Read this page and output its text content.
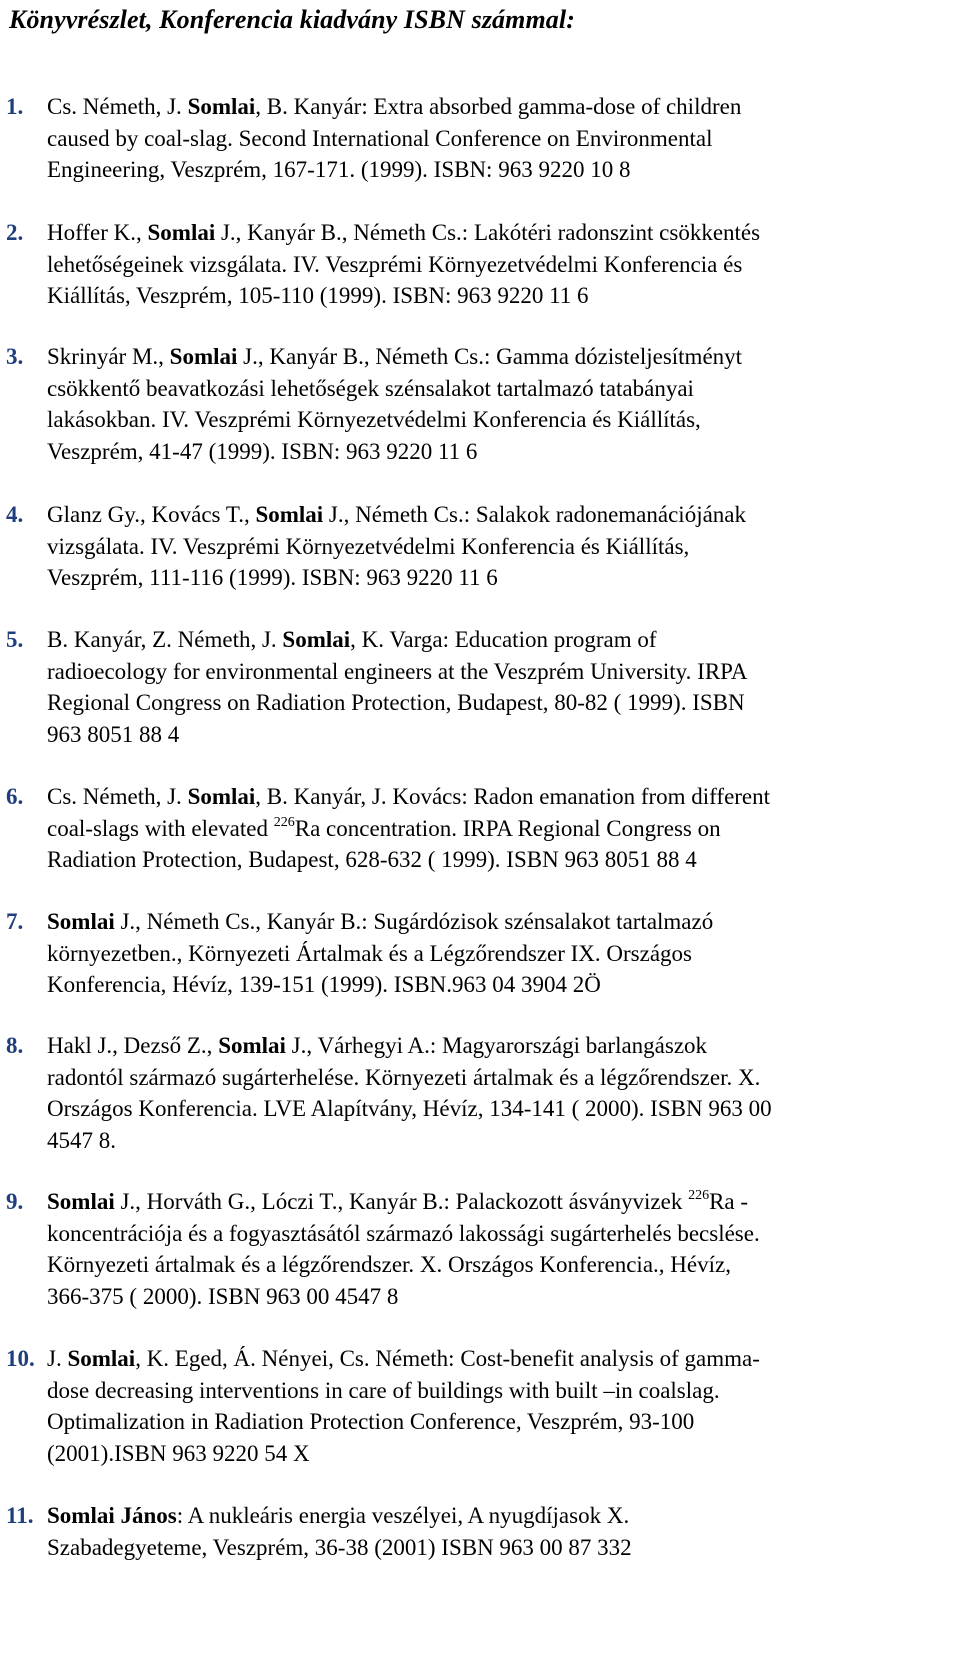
Könyvrészlet, Konferencia kiadvány ISBN számmal:
1. Cs. Németh, J. Somlai, B. Kanyár: Extra absorbed gamma-dose of children
caused by coal-slag. Second International Conference on Environmental
Engineering, Veszprém, 167-171. (1999). ISBN: 963 9220 10 8
2. Hoffer K., Somlai J., Kanyár B., Németh Cs.: Lakótéri radonszint csökkentés
lehetőségeinek vizsgálata. IV. Veszprémi Környezetvédelmi Konferencia és
Kiállítás, Veszprém, 105-110 (1999). ISBN: 963 9220 11 6
3. Skrinyár M., Somlai J., Kanyár B., Németh Cs.: Gamma dózisteljesítményt
csökkentő beavatkozási lehetőségek szénsalakot tartalmazó tatabányai
lakásokban. IV. Veszprémi Környezetvédelmi Konferencia és Kiállítás,
Veszprém, 41-47 (1999). ISBN: 963 9220 11 6
4. Glanz Gy., Kovács T., Somlai J., Németh Cs.: Salakok radonemanációjának
vizsgálata. IV. Veszprémi Környezetvédelmi Konferencia és Kiállítás,
Veszprém, 111-116 (1999). ISBN: 963 9220 11 6
5. B. Kanyár, Z. Németh, J. Somlai, K. Varga: Education program of
radioecology for environmental engineers at the Veszprém University. IRPA
Regional Congress on Radiation Protection, Budapest, 80-82 ( 1999). ISBN
963 8051 88 4
6. Cs. Németh, J. Somlai, B. Kanyár, J. Kovács: Radon emanation from different
coal-slags with elevated $^{226}$Ra concentration. IRPA Regional Congress on
Radiation Protection, Budapest, 628-632 ( 1999). ISBN 963 8051 88 4
7. Somlai J., Németh Cs., Kanyár B.: Sugárdózisok szénsalakot tartalmazó
környezetben., Környezeti Ártalmak és a Légzőrendszer IX. Országos
Konferencia, Hévíz, 139-151 (1999). ISBN.963 04 3904 2Ö
8. Hakl J., Dezső Z., Somlai J., Várhegyi A.: Magyarországi barlangászok
radontól származó sugárterhelése. Környezeti ártalmak és a légzőrendszer. X.
Országos Konferencia. LVE Alapítvány, Hévíz, 134-141 ( 2000). ISBN 963 00
4547 8.
9. Somlai J., Horváth G., Lóczi T., Kanyár B.: Palackozott ásványvizek $^{226}$Ra -
koncentrációja és a fogyasztásától származó lakossági sugárterhelés becslése.
Környezeti ártalmak és a légzőrendszer. X. Országos Konferencia., Hévíz,
366-375 ( 2000). ISBN 963 00 4547 8
10. J. Somlai, K. Eged, Á. Nényei, Cs. Németh: Cost-benefit analysis of gamma-
dose decreasing interventions in care of buildings with built –in coalslag.
Optimalization in Radiation Protection Conference, Veszprém, 93-100
(2001).ISBN 963 9220 54 X
11. Somlai János: A nukleáris energia veszélyei, A nyugdíjasok X.
Szabadegyeteme, Veszprém, 36-38 (2001) ISBN 963 00 87 332
